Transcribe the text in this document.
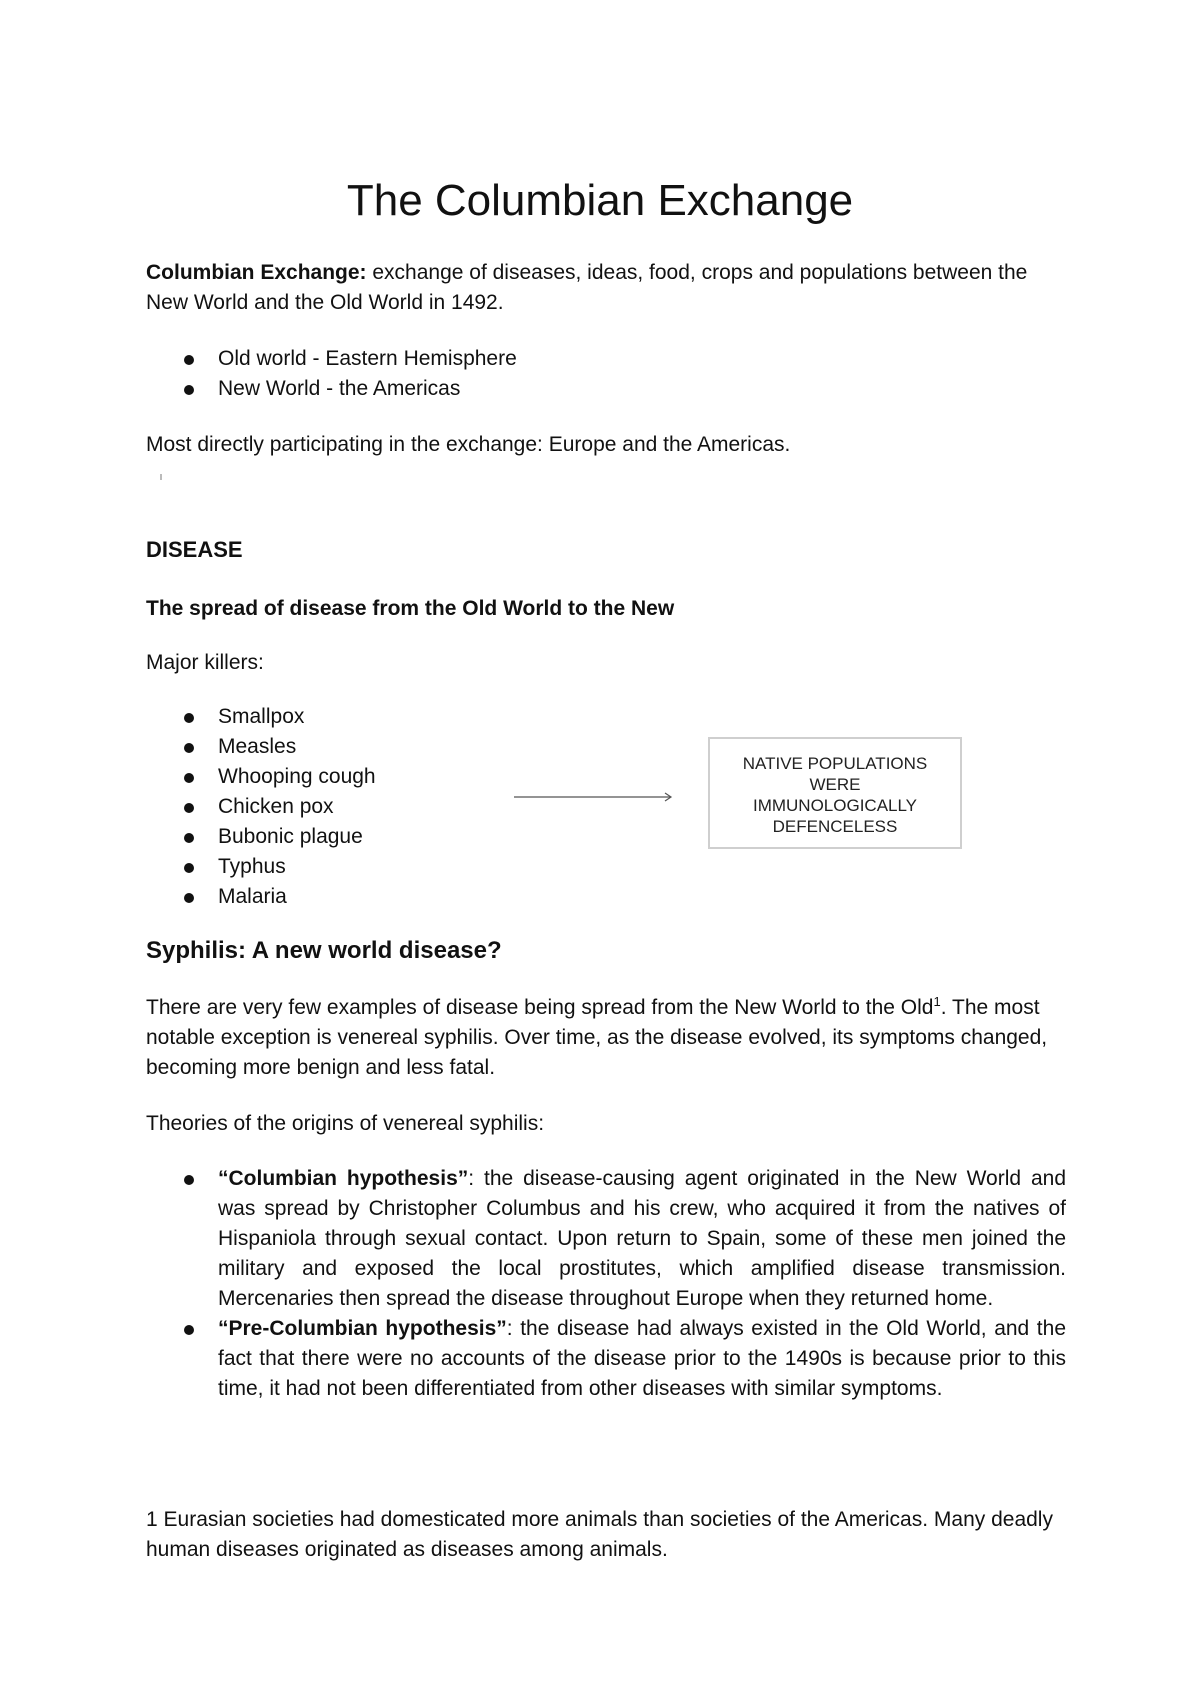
The Columbian Exchange

Columbian Exchange: exchange of diseases, ideas, food, crops and populations between the New World and the Old World in 1492.

Old world - Eastern Hemisphere
New World - the Americas

Most directly participating in the exchange: Europe and the Americas.

DISEASE

The spread of disease from the Old World to the New

Major killers:

Smallpox
Measles
Whooping cough
Chicken pox
Bubonic plague
Typhus
Malaria
NATIVE POPULATIONS
WERE
IMMUNOLOGICALLY
DEFENCELESS
Syphilis: A new world disease?

There are very few examples of disease being spread from the New World to the Old$^1$. The most notable exception is venereal syphilis. Over time, as the disease evolved, its symptoms changed, becoming more benign and less fatal.

Theories of the origins of venereal syphilis:

“Columbian hypothesis”: the disease-causing agent originated in the New World and was spread by Christopher Columbus and his crew, who acquired it from the natives of Hispaniola through sexual contact. Upon return to Spain, some of these men joined the military and exposed the local prostitutes, which amplified disease transmission. Mercenaries then spread the disease throughout Europe when they returned home.
“Pre-Columbian hypothesis”: the disease had always existed in the Old World, and the fact that there were no accounts of the disease prior to the 1490s is because prior to this time, it had not been differentiated from other diseases with similar symptoms.

1 Eurasian societies had domesticated more animals than societies of the Americas. Many deadly human diseases originated as diseases among animals.
